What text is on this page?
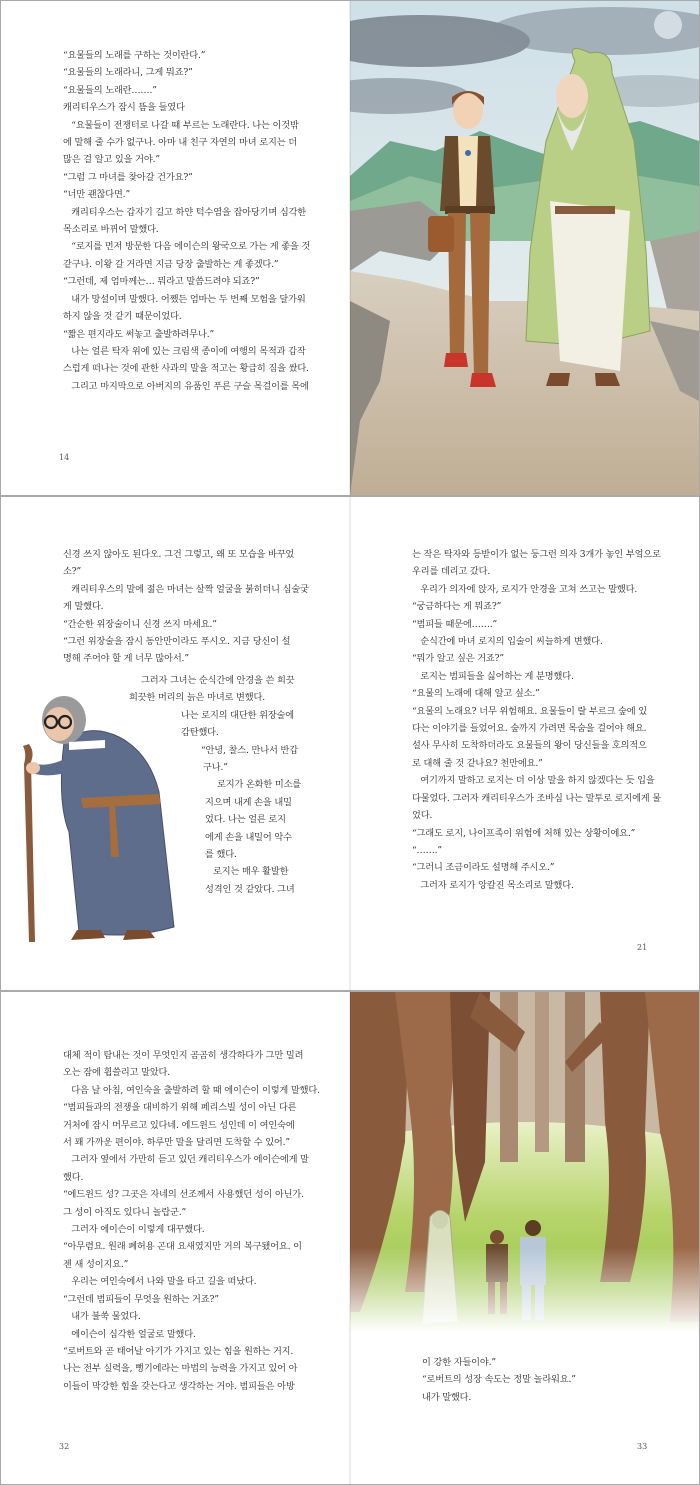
“요물들의 노래를 구하는 것이란다.”

“요물들의 노래라니, 그게 뭐죠?”

“요물들의 노래란…….”

캐리티우스가 잠시 뜸을 들였다

“요물들이 전쟁터로 나갈 때 부르는 노래란다. 나는 이것밖

에 말해 줄 수가 없구나. 아마 내 친구 자연의 마녀 로지는 더

많은 걸 알고 있을 거야.”

“그럼 그 마녀를 찾아갈 건가요?”

“너만 괜찮다면.”

캐리티우스는 갑자기 길고 하얀 턱수염을 잡아당기며 심각한

목소리로 바뀌어 말했다.

“로지를 먼저 방문한 다음 에이슨의 왕국으로 가는 게 좋을 것

같구나. 이왕 갈 거라면 지금 당장 출발하는 게 좋겠다.”

“그런데, 제 엄마께는… 뭐라고 말씀드려야 되죠?”

내가 망설이며 말했다. 어쨌든 엄마는 두 번째 모험을 달가워

하지 않을 것 같기 때문이었다.

“짧은 편지라도 써놓고 출발하려무나.”

나는 얼른 탁자 위에 있는 크림색 종이에 여행의 목적과 갑작

스럽게 떠나는 것에 관한 사과의 말을 적고는 황급히 짐을 쌌다.

그리고 마지막으로 아버지의 유품인 푸른 구슬 목걸이를 목에

14

신경 쓰지 않아도 된다오. 그건 그렇고, 왜 또 모습을 바꾸었

소?”

캐리티우스의 말에 젊은 마녀는 살짝 얼굴을 붉히더니 심술궂

게 말했다.

“간순한 위장술이니 신경 쓰지 마세요.”

“그런 위장술을 잠시 동안만이라도 푸시오. 지금 당신이 설

명해 주어야 할 게 너무 많아서.”

그러자 그녀는 순식간에 안경을 쓴 희끗

희끗한 머리의 늙은 마녀로 변했다.

나는 로지의 대단한 위장술에

감탄했다.

“안녕, 찰스. 만나서 반갑

구나.”

로지가 온화한 미소를

지으며 내게 손을 내밀

었다. 나는 얼른 로지

에게 손을 내밀어 악수

를 했다.

로지는 매우 활발한

성격인 것 같았다. 그녀

는 작은 탁자와 등받이가 없는 둥그런 의자 3개가 놓인 부엌으로

우리를 데리고 갔다.

우리가 의자에 앉자, 로지가 안경을 고쳐 쓰고는 말했다.

“궁금하다는 게 뭐죠?”

“범피들 때문에…….”

순식간에 마녀 로지의 입술이 씨늘하게 변했다.

“뭐가 알고 싶은 거죠?”

로지는 범피들을 싫어하는 게 분명했다.

“요물의 노래에 대해 알고 싶소.”

“요물의 노래요? 너무 위험해요. 요물들이 랄 부르크 숲에 있

다는 이야기를 들었어요. 숲까지 가려면 목숨을 걸어야 해요.

설사 무사히 도착하더라도 요물들의 왕이 당신들을 호의적으

로 대해 줄 것 같나요? 천만에요.”

여기까지 말하고 로지는 더 이상 말을 하지 않겠다는 듯 입을

다물었다. 그러자 캐리티우스가 조바심 나는 말투로 로지에게 물

었다.

“그래도 로지, 나이프족이 위험에 처해 있는 상황이에요.”

“…….”

“그러니 조금이라도 설명해 주시오.”

그러자 로지가 앙칼진 목소리로 말했다.

21

대체 적이 탐내는 것이 무엇인지 곰곰히 생각하다가 그만 밀려

오는 잠에 휩쓸리고 말았다.

다음 날 아침, 여인숙을 출발하려 할 때 에이슨이 이렇게 말했다.

“범피들과의 전쟁을 대비하기 위해 페리스빌 성이 아닌 다른

거처에 잠시 머무르고 있다네. 에드윈드 성인데 이 여인숙에

서 꽤 가까운 편이야. 하루만 말을 달리면 도착할 수 있어.”

그러자 옆에서 가만히 듣고 있던 캐리티우스가 에이슨에게 말

했다.

“에드윈드 성? 그곳은 자네의 선조께서 사용했던 성이 아닌가.

그 성이 아직도 있다니 놀랍군.”

그러자 에이슨이 이렇게 대꾸했다.

“아무렴요. 원래 폐허용 곤대 요새였지만 거의 복구됐어요. 이

젠 새 성이지요.”

우리는 여인숙에서 나와 말을 타고 길을 떠났다.

“그런데 범피들이 무엇을 원하는 거죠?”

내가 불쑥 물었다.

에이슨이 심각한 얼굴로 말했다.

“로버트와 곧 태어날 아기가 가지고 있는 힘을 원하는 거지.

나는 전부 실력을, 뻥기에라는 마법의 능력을 가지고 있어 아

이들이 막강한 힘을 갖는다고 생각하는 거야. 범피들은 아방

32

이 강한 자들이야.”

“로버트의 성장 속도는 정말 놀라워요.”

내가 말했다.

33
